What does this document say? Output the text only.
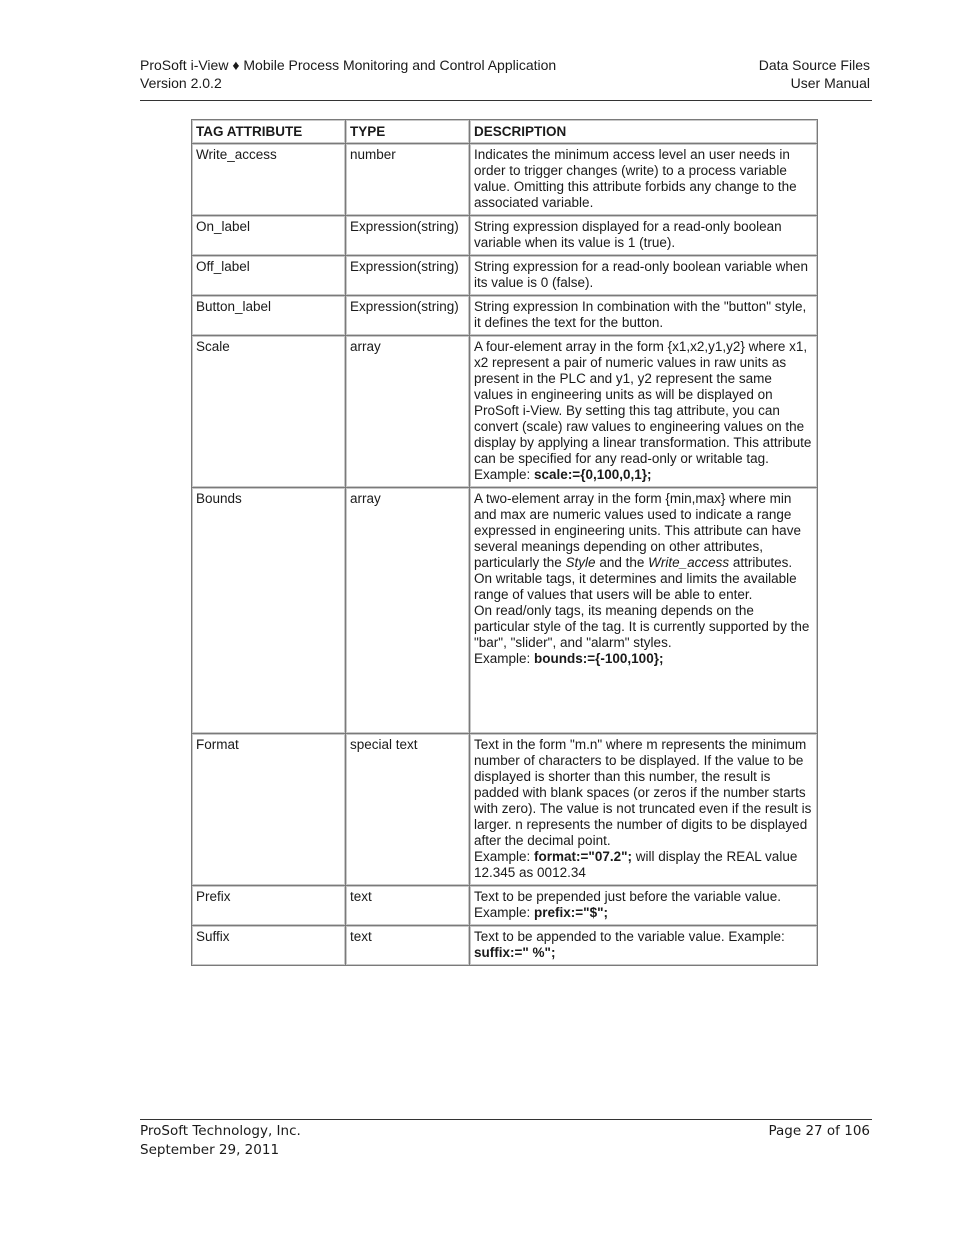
ProSoft i-View ♦ Mobile Process Monitoring and Control Application
Version 2.0.2
Data Source Files
User Manual
TAG ATTRIBUTE	TYPE	DESCRIPTION
Write_access	number	Indicates the minimum access level an user needs in order to trigger changes (write) to a process variable value. Omitting this attribute forbids any change to the associated variable.
On_label	Expression(string)	String expression displayed for a read-only boolean variable when its value is 1 (true).
Off_label	Expression(string)	String expression for a read-only boolean variable when its value is 0 (false).
Button_label	Expression(string)	String expression In combination with the "button" style, it defines the text for the button.
Scale	array	A four-element array in the form {x1,x2,y1,y2} where x1, x2 represent a pair of numeric values in raw units as present in the PLC and y1, y2 represent the same values in engineering units as will be displayed on ProSoft i-View. By setting this tag attribute, you can convert (scale) raw values to engineering values on the display by applying a linear transformation. This attribute can be specified for any read-only or writable tag. Example: scale:={0,100,0,1};
Bounds	array	A two-element array in the form {min,max} where min and max are numeric values used to indicate a range expressed in engineering units. This attribute can have several meanings depending on other attributes, particularly the Style and the Write_access attributes.

On writable tags, it determines and limits the available range of values that users will be able to enter.

On read/only tags, its meaning depends on the particular style of the tag. It is currently supported by the "bar", "slider", and "alarm" styles.

Example: bounds:={-100,100};

Format	special text	Text in the form "m.n" where m represents the minimum number of characters to be displayed. If the value to be displayed is shorter than this number, the result is padded with blank spaces (or zeros if the number starts with zero). The value is not truncated even if the result is larger. n represents the number of digits to be displayed after the decimal point.

Example: format:="07.2"; will display the REAL value 12.345 as 0012.34

Prefix	text	Text to be prepended just before the variable value. Example: prefix:="$";
Suffix	text	Text to be appended to the variable value. Example: suffix:=" %";
ProSoft Technology, Inc.
September 29, 2011
Page 27 of 106
